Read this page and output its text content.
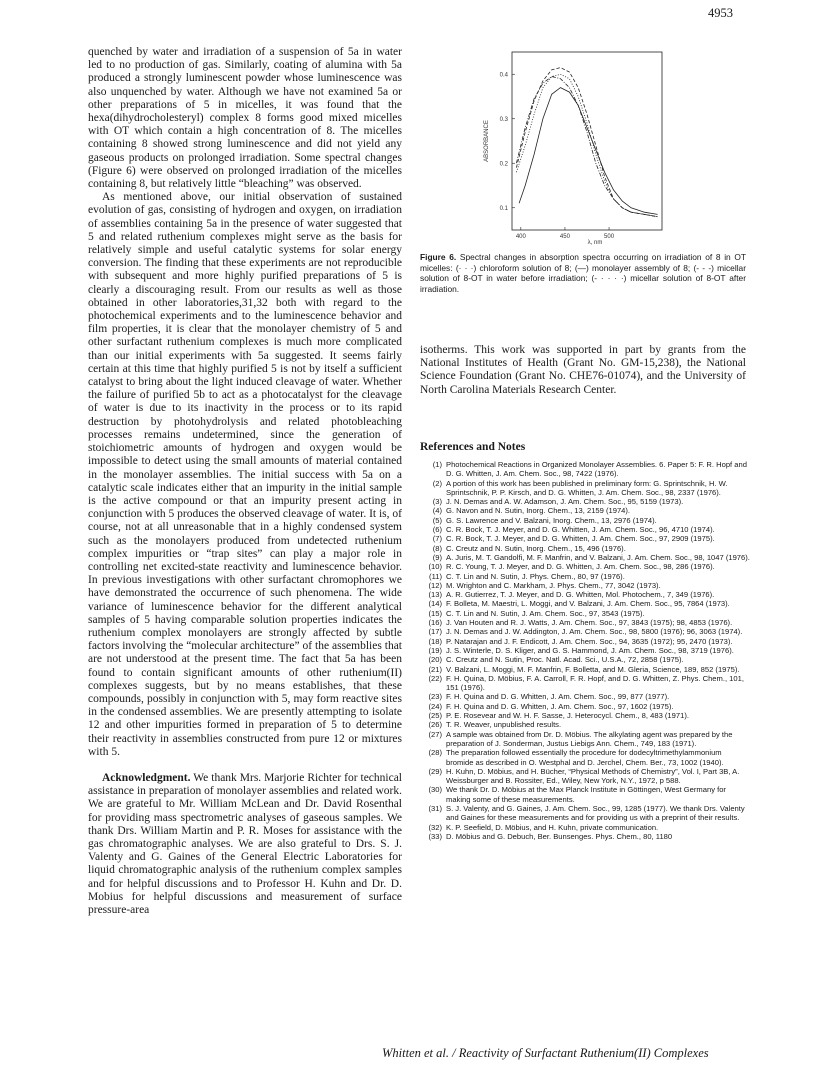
4953

quenched by water and irradiation of a suspension of 5a in water led to no production of gas. Similarly, coating of alumina with 5a produced a strongly luminescent powder whose luminescence was also unquenched by water. Although we have not examined 5a or other preparations of 5 in micelles, it was found that the hexa(dihydrocholesteryl) complex 8 forms good mixed micelles with OT which contain a high concentration of 8. The micelles containing 8 showed strong luminescence and did not yield any gaseous products on prolonged irradiation. Some spectral changes (Figure 6) were observed on prolonged irradiation of the micelles containing 8, but relatively little “bleaching” was observed.

As mentioned above, our initial observation of sustained evolution of gas, consisting of hydrogen and oxygen, on irradiation of assemblies containing 5a in the presence of water suggested that 5 and related ruthenium complexes might serve as the basis for relatively simple and useful catalytic systems for solar energy conversion. The finding that these experiments are not reproducible with subsequent and more highly purified preparations of 5 is clearly a discouraging result. From our results as well as those obtained in other laboratories,31,32 both with regard to the photochemical experiments and to the luminescence behavior and film properties, it is clear that the monolayer chemistry of 5 and other surfactant ruthenium complexes is much more complicated than our initial experiments with 5a suggested. It seems fairly certain at this time that highly purified 5 is not by itself a sufficient catalyst to bring about the light induced cleavage of water. Whether the failure of purified 5b to act as a photocatalyst for the cleavage of water is due to its inactivity in the process or to its rapid destruction by photohydrolysis and related photobleaching processes remains undetermined, since the generation of stoichiometric amounts of hydrogen and oxygen would be impossible to detect using the small amounts of material contained in the monolayer assemblies. The initial success with 5a on a catalytic scale indicates either that an impurity in the initial sample is the active compound or that an impurity present acting in conjunction with 5 produces the observed cleavage of water. It is, of course, not at all unreasonable that in a highly condensed system such as the monolayers produced from undetected ruthenium complex impurities or “trap sites” can play a major role in controlling net excited-state reactivity and luminescence behavior. In previous investigations with other surfactant chromophores we have demonstrated the occurrence of such phenomena. The wide variance of luminescence behavior for the different analytical samples of 5 having comparable solution properties indicates the ruthenium complex monolayers are strongly affected by subtle factors involving the “molecular architecture” of the assemblies that are not understood at the present time. The fact that 5a has been found to contain significant amounts of other ruthenium(II) complexes suggests, but by no means establishes, that these compounds, possibly in conjunction with 5, may form reactive sites in the condensed assemblies. We are presently attempting to isolate 12 and other impurities formed in preparation of 5 to determine their reactivity in assemblies constructed from pure 12 or mixtures with 5.

Acknowledgment. We thank Mrs. Marjorie Richter for technical assistance in preparation of monolayer assemblies and related work. We are grateful to Mr. William McLean and Dr. David Rosenthal for providing mass spectrometric analyses of gaseous samples. We thank Drs. William Martin and P. R. Moses for assistance with the gas chromatographic analyses. We are also grateful to Drs. S. J. Valenty and G. Gaines of the General Electric Laboratories for liquid chromatographic analysis of the ruthenium complex samples and for helpful discussions and to Professor H. Kuhn and Dr. D. Mobius for helpful discussions and measurement of surface pressure-area

ABSORBANCE
0.1
0.2
0.3
0.4
400	450	500
λ, nm
Figure 6. Spectral changes in absorption spectra occurring on irradiation of 8 in OT micelles: (· · ·) chloroform solution of 8; (—) monolayer assembly of 8; (- - -) micellar solution of 8-OT in water before irradiation; (- · · · ·) micellar solution of 8-OT after irradiation.

isotherms. This work was supported in part by grants from the National Institutes of Health (Grant No. GM-15,238), the National Science Foundation (Grant No. CHE76-01074), and the University of North Carolina Materials Research Center.

References and Notes
(1) Photochemical Reactions in Organized Monolayer Assemblies. 6. Paper 5: F. R. Hopf and D. G. Whitten, J. Am. Chem. Soc., 98, 7422 (1976).
(2) A portion of this work has been published in preliminary form: G. Sprintschnik, H. W. Sprintschnik, P. P. Kirsch, and D. G. Whitten, J. Am. Chem. Soc., 98, 2337 (1976).
(3) J. N. Demas and A. W. Adamson, J. Am. Chem. Soc., 95, 5159 (1973).
(4) G. Navon and N. Sutin, Inorg. Chem., 13, 2159 (1974).
(5) G. S. Lawrence and V. Balzani, Inorg. Chem., 13, 2976 (1974).
(6) C. R. Bock, T. J. Meyer, and D. G. Whitten, J. Am. Chem. Soc., 96, 4710 (1974).
(7) C. R. Bock, T. J. Meyer, and D. G. Whitten, J. Am. Chem. Soc., 97, 2909 (1975).
(8) C. Creutz and N. Sutin, Inorg. Chem., 15, 496 (1976).
(9) A. Juris, M. T. Gandolfi, M. F. Manfrin, and V. Balzani, J. Am. Chem. Soc., 98, 1047 (1976).
(10) R. C. Young, T. J. Meyer, and D. G. Whitten, J. Am. Chem. Soc., 98, 286 (1976).
(11) C. T. Lin and N. Sutin, J. Phys. Chem., 80, 97 (1976).
(12) M. Wrighton and C. Markham, J. Phys. Chem., 77, 3042 (1973).
(13) A. R. Gutierrez, T. J. Meyer, and D. G. Whitten, Mol. Photochem., 7, 349 (1976).
(14) F. Bolleta, M. Maestri, L. Moggi, and V. Balzani, J. Am. Chem. Soc., 95, 7864 (1973).
(15) C. T. Lin and N. Sutin, J. Am. Chem. Soc., 97, 3543 (1975).
(16) J. Van Houten and R. J. Watts, J. Am. Chem. Soc., 97, 3843 (1975); 98, 4853 (1976).
(17) J. N. Demas and J. W. Addington, J. Am. Chem. Soc., 98, 5800 (1976); 96, 3063 (1974).
(18) P. Natarajan and J. F. Endicott, J. Am. Chem. Soc., 94, 3635 (1972); 95, 2470 (1973).
(19) J. S. Winterle, D. S. Kliger, and G. S. Hammond, J. Am. Chem. Soc., 98, 3719 (1976).
(20) C. Creutz and N. Sutin, Proc. Natl. Acad. Sci., U.S.A., 72, 2858 (1975).
(21) V. Balzani, L. Moggi, M. F. Manfrin, F. Bolletta, and M. Gleria, Science, 189, 852 (1975).
(22) F. H. Quina, D. Möbius, F. A. Carroll, F. R. Hopf, and D. G. Whitten, Z. Phys. Chem., 101, 151 (1976).
(23) F. H. Quina and D. G. Whitten, J. Am. Chem. Soc., 99, 877 (1977).
(24) F. H. Quina and D. G. Whitten, J. Am. Chem. Soc., 97, 1602 (1975).
(25) P. E. Rosevear and W. H. F. Sasse, J. Heterocycl. Chem., 8, 483 (1971).
(26) T. R. Weaver, unpublished results.
(27) A sample was obtained from Dr. D. Möbius. The alkylating agent was prepared by the preparation of J. Sonderman, Justus Liebigs Ann. Chem., 749, 183 (1971).
(28) The preparation followed essentially the procedure for dodecyltrimethylammonium bromide as described in O. Westphal and D. Jerchel, Chem. Ber., 73, 1002 (1940).
(29) H. Kuhn, D. Möbius, and H. Bücher, “Physical Methods of Chemistry”, Vol. I, Part 3B, A. Weissburger and B. Rossiter, Ed., Wiley, New York, N.Y., 1972, p 588.
(30) We thank Dr. D. Möbius at the Max Planck Institute in Göttingen, West Germany for making some of these measurements.
(31) S. J. Valenty, and G. Gaines, J. Am. Chem. Soc., 99, 1285 (1977). We thank Drs. Valenty and Gaines for these measurements and for providing us with a preprint of their results.
(32) K. P. Seefield, D. Möbius, and H. Kuhn, private communication.
(33) D. Möbius and G. Debuch, Ber. Bunsenges. Phys. Chem., 80, 1180
Whitten et al. / Reactivity of Surfactant Ruthenium(II) Complexes
